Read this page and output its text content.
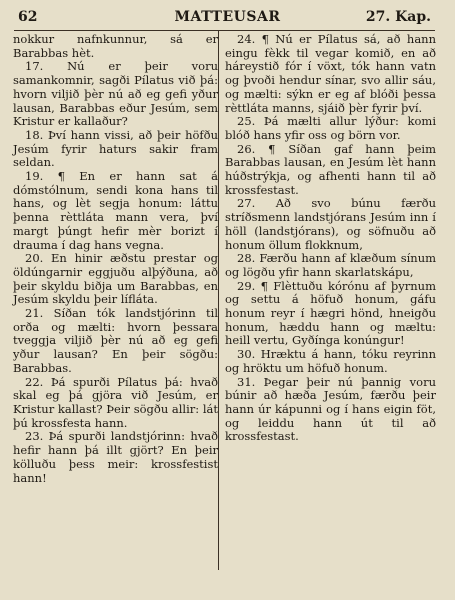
62	MATTEUSAR	27. Kap.

nokkur nafnkunnur, sá er Barabbas hèt.

17. Nú er þeir voru samankomnir, sagði Pílatus við þá: hvorn viljið þèr nú að eg gefi yður lausan, Barabbas eður Jesúm, sem Kristur er kallaður?

18. Því hann vissi, að þeir höfðu Jesúm fyrir haturs sakir fram seldan.

19. ¶ En er hann sat á dómstólnum, sendi kona hans til hans, og lèt segja honum: láttu þenna rèttláta mann vera, því margt þúngt hefir mèr borizt í drauma í dag hans vegna.

20. En hinir æðstu prestar og öldúngarnir eggjuðu alþýðuna, að þeir skyldu biðja um Barabbas, en Jesúm skyldu þeir lífláta.

21. Síðan tók landstjórinn til orða og mælti: hvorn þessara tveggja viljið þèr nú að eg gefi yður lausan? En þeir sögðu: Barabbas.

22. Þá spurði Pílatus þá: hvað skal eg þá gjöra við Jesúm, er Kristur kallast? Þeir sögðu allir: lát þú krossfesta hann.

23. Þá spurði landstjórinn: hvað hefir hann þá illt gjört? En þeir kölluðu þess meir: krossfestist hann!

24. ¶ Nú er Pílatus sá, að hann eingu fèkk til vegar komið, en að háreystið fór í vöxt, tók hann vatn og þvoði hendur sínar, svo allir sáu, og mælti: sýkn er eg af blóði þessa rèttláta manns, sjáið þèr fyrir því.

25. Þá mælti allur lýður: komi blóð hans yfir oss og börn vor.

26. ¶ Síðan gaf hann þeim Barabbas lausan, en Jesúm lèt hann húðstrýkja, og afhenti hann til að krossfestast.

27. Að svo búnu færðu stríðsmenn landstjórans Jesúm inn í höll (landstjórans), og söfnuðu að honum öllum flokknum,

28. Færðu hann af klæðum sínum og lögðu yfir hann skarlatskápu,

29. ¶ Flèttuðu kórónu af þyrnum og settu á höfuð honum, gáfu honum reyr í hægri hönd, hneigðu honum, hæddu hann og mæltu: heill vertu, Gyðínga konúngur!

30. Hræktu á hann, tóku reyrinn og hröktu um höfuð honum.

31. Þegar þeir nú þannig voru búnir að hæða Jesúm, færðu þeir hann úr kápunni og í hans eigin föt, og leiddu hann út til að krossfestast.
